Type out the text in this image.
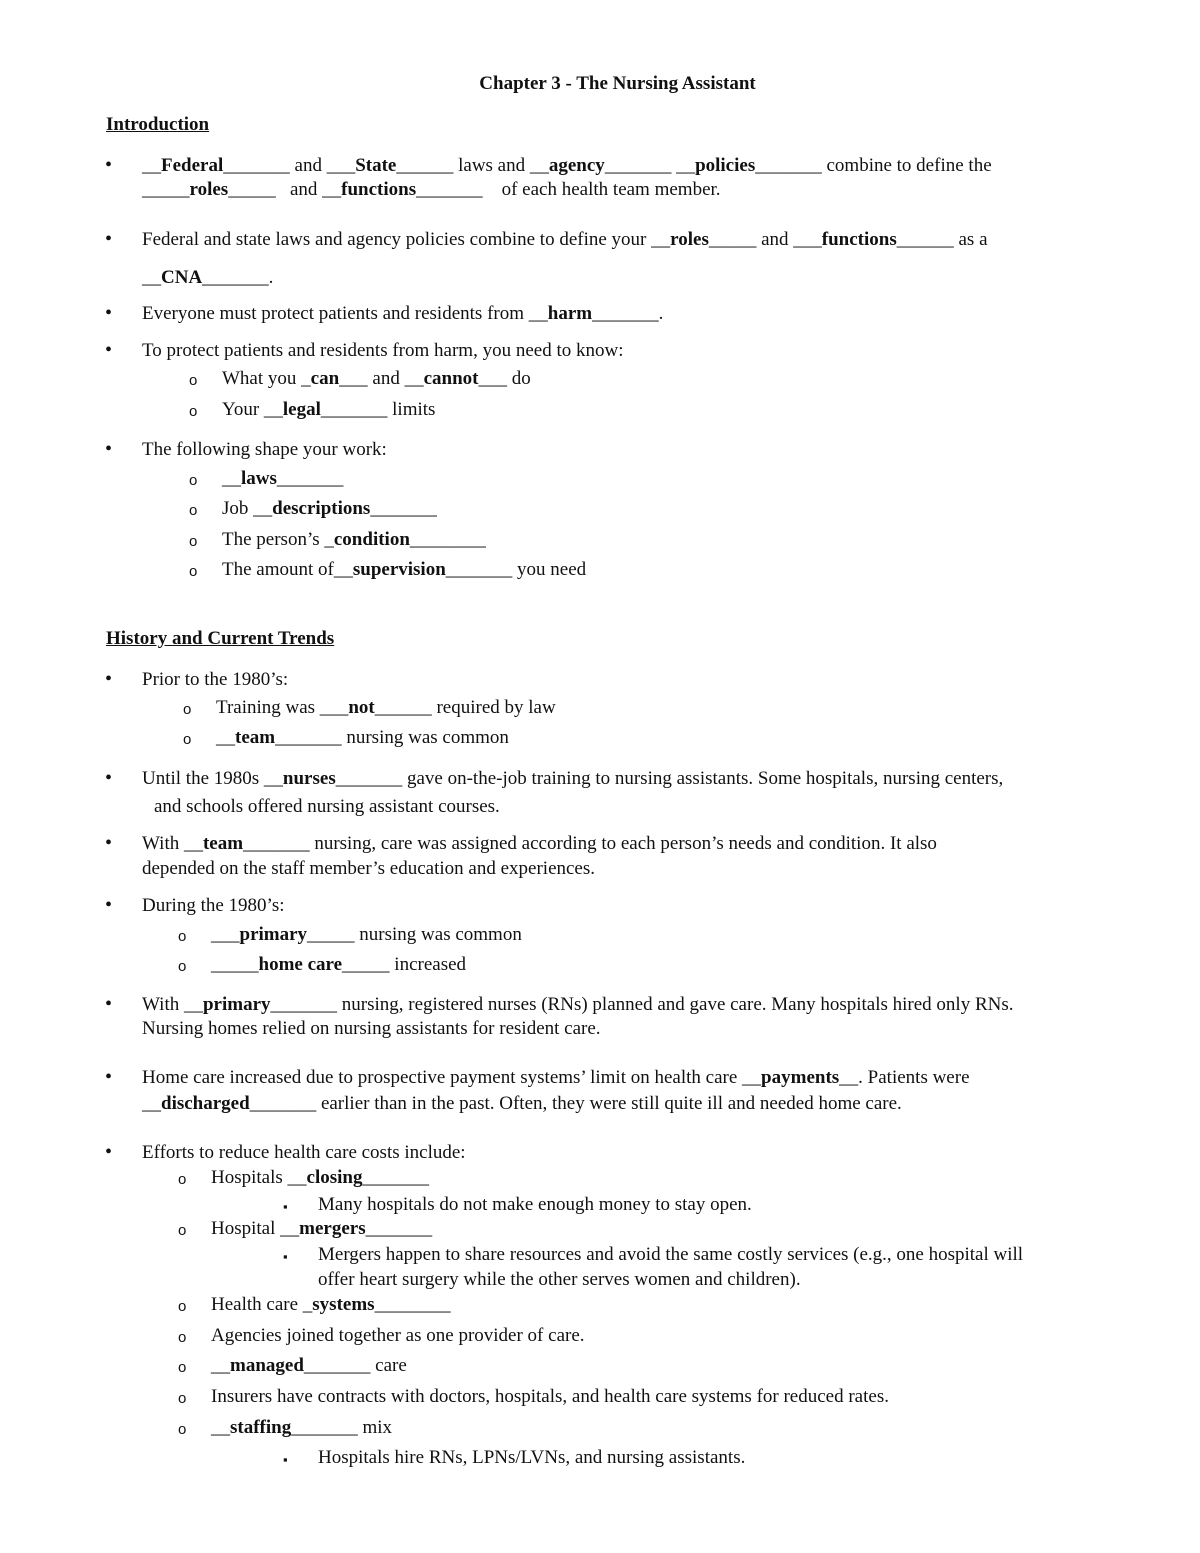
Chapter 3 - The Nursing Assistant
Introduction
• __Federal_______ and ___State______ laws and __agency_______ __policies_______ combine to define the
_____roles_____   and __functions_______    of each health team member.
• Federal and state laws and agency policies combine to define your __roles_____ and ___functions______ as a
__CNA_______.
• Everyone must protect patients and residents from __harm_______.
• To protect patients and residents from harm, you need to know:
o What you _can___ and __cannot___ do
o Your __legal_______ limits
• The following shape your work:
o __laws_______
o Job __descriptions_______
o The person’s _condition________
o The amount of__supervision_______ you need
History and Current Trends
• Prior to the 1980’s:
o Training was ___not______ required by law
o __team_______ nursing was common
• Until the 1980s __nurses_______ gave on-the-job training to nursing assistants. Some hospitals, nursing centers,
and schools offered nursing assistant courses.
• With __team_______ nursing, care was assigned according to each person’s needs and condition. It also
depended on the staff member’s education and experiences.
• During the 1980’s:
o ___primary_____ nursing was common
o _____home care_____ increased
• With __primary_______ nursing, registered nurses (RNs) planned and gave care. Many hospitals hired only RNs.
Nursing homes relied on nursing assistants for resident care.
• Home care increased due to prospective payment systems’ limit on health care __payments__. Patients were
__discharged_______ earlier than in the past. Often, they were still quite ill and needed home care.
• Efforts to reduce health care costs include:
o Hospitals __closing_______
▪ Many hospitals do not make enough money to stay open.
o Hospital __mergers_______
▪ Mergers happen to share resources and avoid the same costly services (e.g., one hospital will
offer heart surgery while the other serves women and children).
o Health care _systems________
o Agencies joined together as one provider of care.
o __managed_______ care
o Insurers have contracts with doctors, hospitals, and health care systems for reduced rates.
o __staffing_______ mix
▪ Hospitals hire RNs, LPNs/LVNs, and nursing assistants.
